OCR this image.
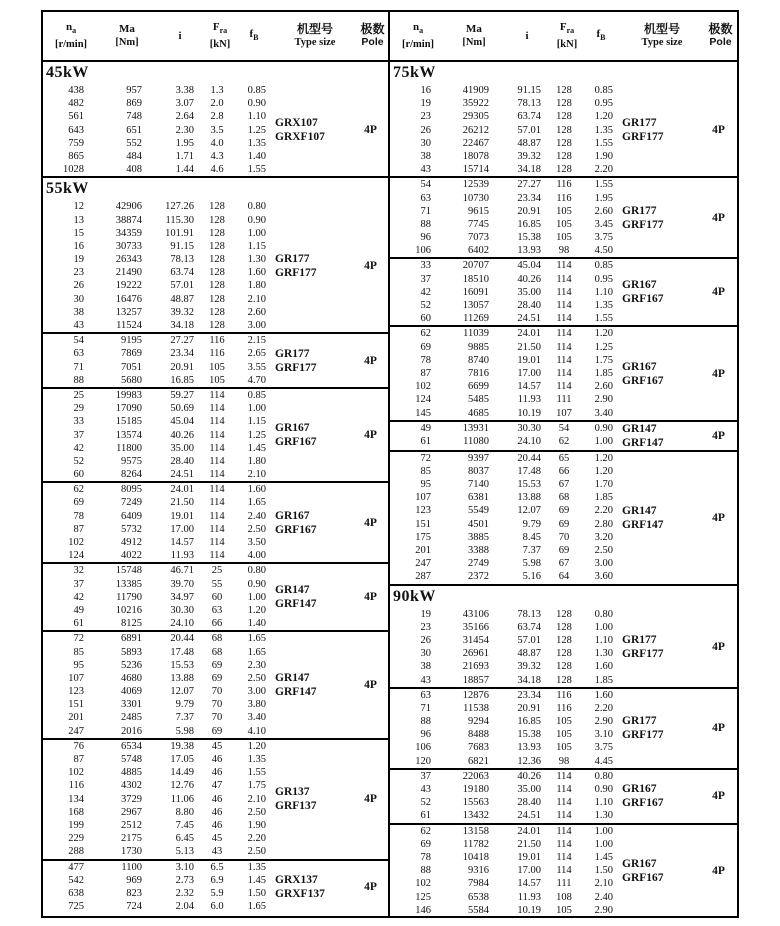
$n_a$
[r/min]
Ma
[Nm]
i
$F_{ra}$
[kN]
$f_B$
机型号
Type size
极数
Pole
45kW
438	957	3.38	1.3	0.85
482	869	3.07	2.0	0.90
561	748	2.64	2.8	1.10
643	651	2.30	3.5	1.25
759	552	1.95	4.0	1.35
865	484	1.71	4.3	1.40
1028	408	1.44	4.6	1.55
GRX107
GRXF107
4P
55kW
12	42906	127.26	128	0.80
13	38874	115.30	128	0.90
15	34359	101.91	128	1.00
16	30733	91.15	128	1.15
19	26343	78.13	128	1.30
23	21490	63.74	128	1.60
26	19222	57.01	128	1.80
30	16476	48.87	128	2.10
38	13257	39.32	128	2.60
43	11524	34.18	128	3.00
GR177
GRF177
4P
54	9195	27.27	116	2.15
63	7869	23.34	116	2.65
71	7051	20.91	105	3.55
88	5680	16.85	105	4.70
GR177
GRF177
4P
25	19983	59.27	114	0.85
29	17090	50.69	114	1.00
33	15185	45.04	114	1.15
37	13574	40.26	114	1.25
42	11800	35.00	114	1.45
52	9575	28.40	114	1.80
60	8264	24.51	114	2.10
GR167
GRF167
4P
62	8095	24.01	114	1.60
69	7249	21.50	114	1.65
78	6409	19.01	114	2.40
87	5732	17.00	114	2.50
102	4912	14.57	114	3.50
124	4022	11.93	114	4.00
GR167
GRF167
4P
32	15748	46.71	25	0.80
37	13385	39.70	55	0.90
42	11790	34.97	60	1.00
49	10216	30.30	63	1.20
61	8125	24.10	66	1.40
GR147
GRF147
4P
72	6891	20.44	68	1.65
85	5893	17.48	68	1.65
95	5236	15.53	69	2.30
107	4680	13.88	69	2.50
123	4069	12.07	70	3.00
151	3301	9.79	70	3.80
201	2485	7.37	70	3.40
247	2016	5.98	69	4.10
GR147
GRF147
4P
76	6534	19.38	45	1.20
87	5748	17.05	46	1.35
102	4885	14.49	46	1.55
116	4302	12.76	47	1.75
134	3729	11.06	46	2.10
168	2967	8.80	46	2.50
199	2512	7.45	46	1.90
229	2175	6.45	45	2.20
288	1730	5.13	43	2.50
GR137
GRF137
4P
477	1100	3.10	6.5	1.35
542	969	2.73	6.9	1.45
638	823	2.32	5.9	1.50
725	724	2.04	6.0	1.65
GRX137
GRXF137
4P
$n_a$
[r/min]
Ma
[Nm]
i
$F_{ra}$
[kN]
$f_B$
机型号
Type size
极数
Pole
75kW
16	41909	91.15	128	0.85
19	35922	78.13	128	0.95
23	29305	63.74	128	1.20
26	26212	57.01	128	1.35
30	22467	48.87	128	1.55
38	18078	39.32	128	1.90
43	15714	34.18	128	2.20
GR177
GRF177
4P
54	12539	27.27	116	1.55
63	10730	23.34	116	1.95
71	9615	20.91	105	2.60
88	7745	16.85	105	3.45
96	7073	15.38	105	3.75
106	6402	13.93	98	4.50
GR177
GRF177
4P
33	20707	45.04	114	0.85
37	18510	40.26	114	0.95
42	16091	35.00	114	1.10
52	13057	28.40	114	1.35
60	11269	24.51	114	1.55
GR167
GRF167
4P
62	11039	24.01	114	1.20
69	9885	21.50	114	1.25
78	8740	19.01	114	1.75
87	7816	17.00	114	1.85
102	6699	14.57	114	2.60
124	5485	11.93	111	2.90
145	4685	10.19	107	3.40
GR167
GRF167
4P
49	13931	30.30	54	0.90
61	11080	24.10	62	1.00
GR147
GRF147
4P
72	9397	20.44	65	1.20
85	8037	17.48	66	1.20
95	7140	15.53	67	1.70
107	6381	13.88	68	1.85
123	5549	12.07	69	2.20
151	4501	9.79	69	2.80
175	3885	8.45	70	3.20
201	3388	7.37	69	2.50
247	2749	5.98	67	3.00
287	2372	5.16	64	3.60
GR147
GRF147
4P
90kW
19	43106	78.13	128	0.80
23	35166	63.74	128	1.00
26	31454	57.01	128	1.10
30	26961	48.87	128	1.30
38	21693	39.32	128	1.60
43	18857	34.18	128	1.85
GR177
GRF177
4P
63	12876	23.34	116	1.60
71	11538	20.91	116	2.20
88	9294	16.85	105	2.90
96	8488	15.38	105	3.10
106	7683	13.93	105	3.75
120	6821	12.36	98	4.45
GR177
GRF177
4P
37	22063	40.26	114	0.80
43	19180	35.00	114	0.90
52	15563	28.40	114	1.10
61	13432	24.51	114	1.30
GR167
GRF167
4P
62	13158	24.01	114	1.00
69	11782	21.50	114	1.00
78	10418	19.01	114	1.45
88	9316	17.00	114	1.50
102	7984	14.57	111	2.10
125	6538	11.93	108	2.40
146	5584	10.19	105	2.90
GR167
GRF167
4P
